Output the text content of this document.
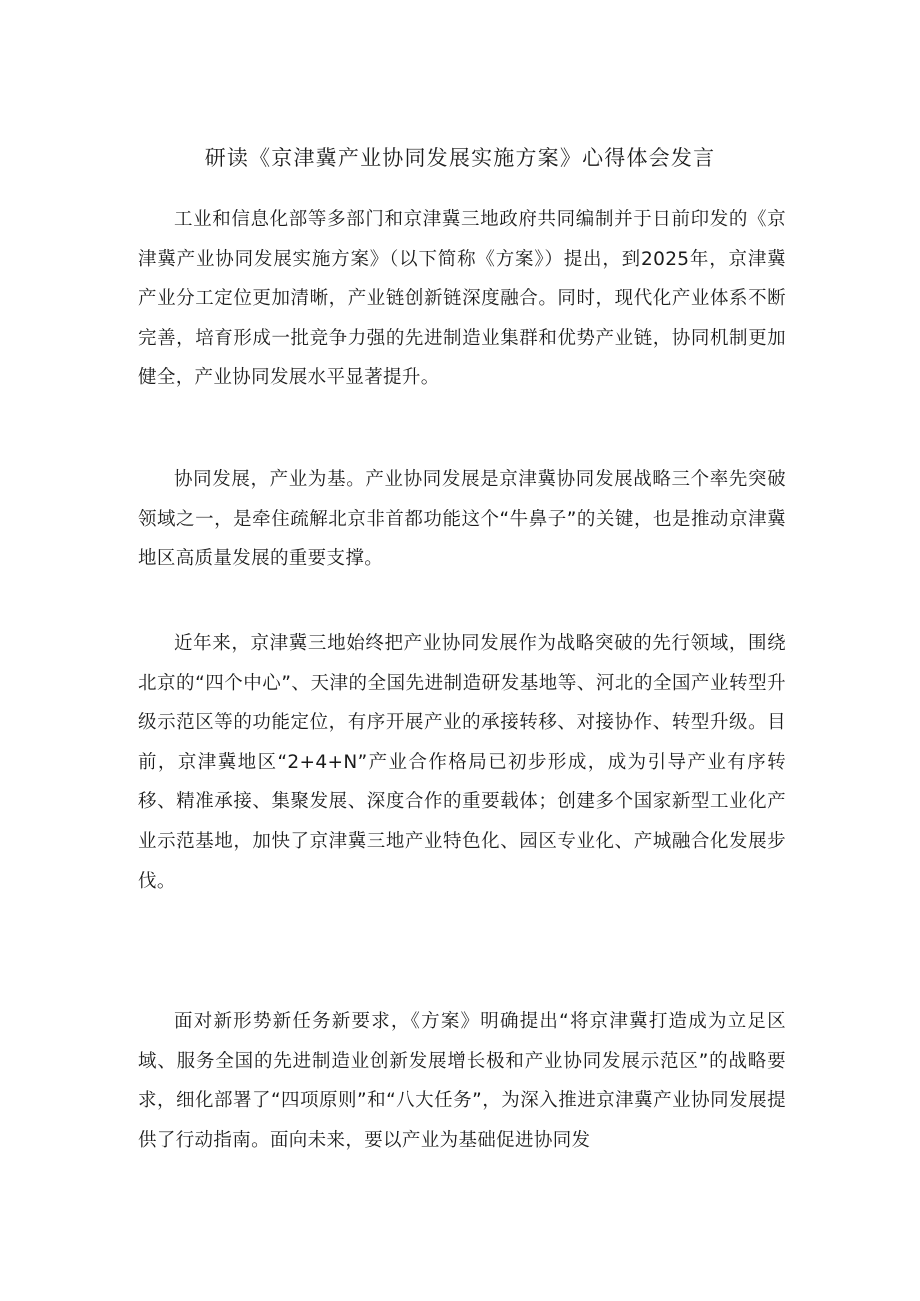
研读《京津冀产业协同发展实施方案》心得体会发言

工业和信息化部等多部门和京津冀三地政府共同编制并于日前印发的《京津冀产业协同发展实施方案》（以下简称《方案》）提出，到2025年，京津冀产业分工定位更加清晰，产业链创新链深度融合。同时，现代化产业体系不断完善，培育形成一批竞争力强的先进制造业集群和优势产业链，协同机制更加健全，产业协同发展水平显著提升。

协同发展，产业为基。产业协同发展是京津冀协同发展战略三个率先突破领域之一，是牵住疏解北京非首都功能这个“牛鼻子”的关键，也是推动京津冀地区高质量发展的重要支撑。

近年来，京津冀三地始终把产业协同发展作为战略突破的先行领域，围绕北京的“四个中心”、天津的全国先进制造研发基地等、河北的全国产业转型升级示范区等的功能定位，有序开展产业的承接转移、对接协作、转型升级。目前，京津冀地区“2+4+N”产业合作格局已初步形成，成为引导产业有序转移、精准承接、集聚发展、深度合作的重要载体；创建多个国家新型工业化产业示范基地，加快了京津冀三地产业特色化、园区专业化、产城融合化发展步伐。

面对新形势新任务新要求，《方案》明确提出“将京津冀打造成为立足区域、服务全国的先进制造业创新发展增长极和产业协同发展示范区”的战略要求，细化部署了“四项原则”和“八大任务”，为深入推进京津冀产业协同发展提供了行动指南。面向未来，要以产业为基础促进协同发
